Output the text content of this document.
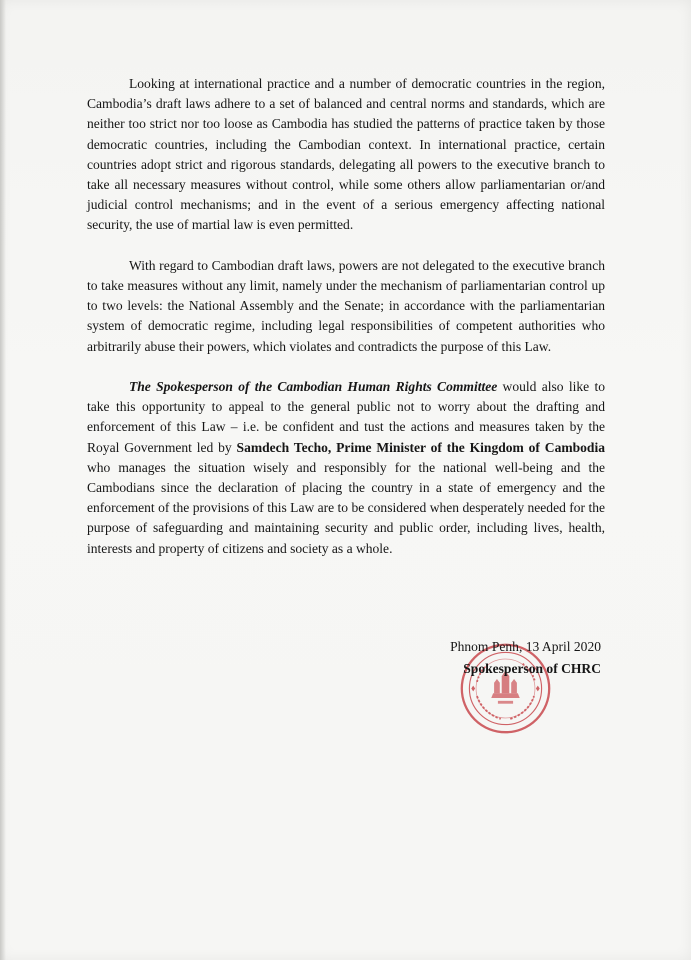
Looking at international practice and a number of democratic countries in the region, Cambodia’s draft laws adhere to a set of balanced and central norms and standards, which are neither too strict nor too loose as Cambodia has studied the patterns of practice taken by those democratic countries, including the Cambodian context. In international practice, certain countries adopt strict and rigorous standards, delegating all powers to the executive branch to take all necessary measures without control, while some others allow parliamentarian or/and judicial control mechanisms; and in the event of a serious emergency affecting national security, the use of martial law is even permitted.

With regard to Cambodian draft laws, powers are not delegated to the executive branch to take measures without any limit, namely under the mechanism of parliamentarian control up to two levels: the National Assembly and the Senate; in accordance with the parliamentarian system of democratic regime, including legal responsibilities of competent authorities who arbitrarily abuse their powers, which violates and contradicts the purpose of this Law.

The Spokesperson of the Cambodian Human Rights Committee would also like to take this opportunity to appeal to the general public not to worry about the drafting and enforcement of this Law – i.e. be confident and tust the actions and measures taken by the Royal Government led by Samdech Techo, Prime Minister of the Kingdom of Cambodia who manages the situation wisely and responsibly for the national well-being and the Cambodians since the declaration of placing the country in a state of emergency and the enforcement of the provisions of this Law are to be considered when desperately needed for the purpose of safeguarding and maintaining security and public order, including lives, health, interests and property of citizens and society as a whole.

Phnom Penh, 13 April 2020
Spokesperson of CHRC
